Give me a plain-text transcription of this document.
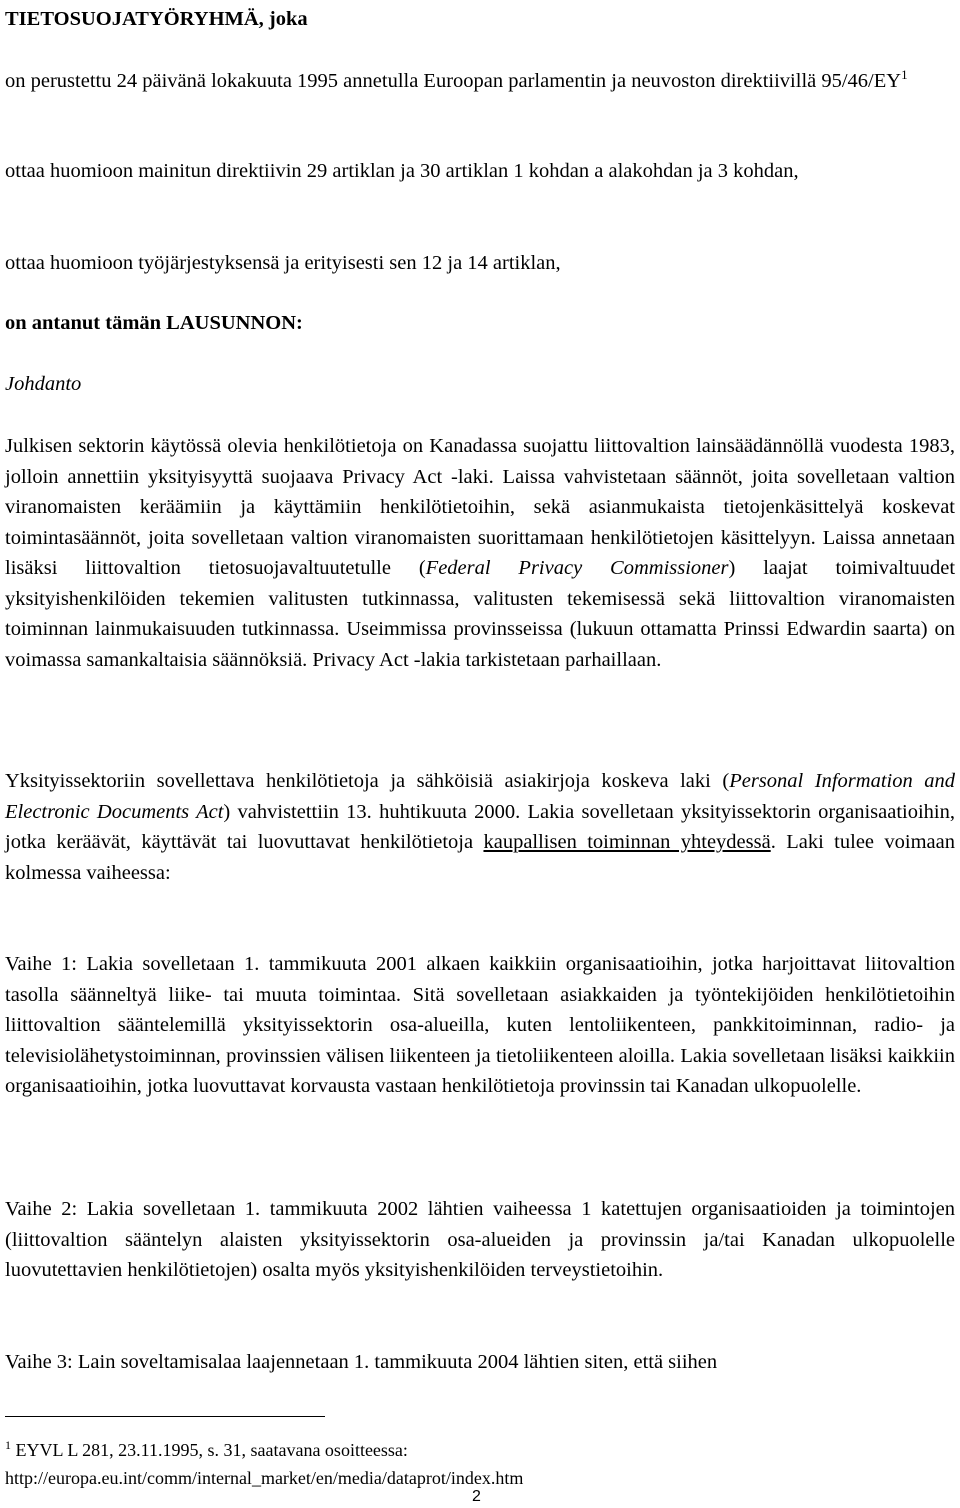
TIETOSUOJATYÖRYHMÄ, joka

on perustettu 24 päivänä lokakuuta 1995 annetulla Euroopan parlamentin ja neuvoston direktiivillä $95/46/EY^1$

ottaa huomioon mainitun direktiivin 29 artiklan ja 30 artiklan 1 kohdan a alakohdan ja 3 kohdan,

ottaa huomioon työjärjestyksensä ja erityisesti sen 12 ja 14 artiklan,

on antanut tämän LAUSUNNON:

Johdanto

Julkisen sektorin käytössä olevia henkilötietoja on Kanadassa suojattu liittovaltion lainsäädännöllä vuodesta 1983, jolloin annettiin yksityisyyttä suojaava Privacy Act -laki. Laissa vahvistetaan säännöt, joita sovelletaan valtion viranomaisten keräämiin ja käyttämiin henkilötietoihin, sekä asianmukaista tietojenkäsittelyä koskevat toimintasäännöt, joita sovelletaan valtion viranomaisten suorittamaan henkilötietojen käsittelyyn. Laissa annetaan lisäksi liittovaltion tietosuojavaltuutetulle (Federal Privacy Commissioner) laajat toimivaltuudet yksityishenkilöiden tekemien valitusten tutkinnassa, valitusten tekemisessä sekä liittovaltion viranomaisten toiminnan lainmukaisuuden tutkinnassa. Useimmissa provinsseissa (lukuun ottamatta Prinssi Edwardin saarta) on voimassa samankaltaisia säännöksiä. Privacy Act -lakia tarkistetaan parhaillaan.

Yksityissektoriin sovellettava henkilötietoja ja sähköisiä asiakirjoja koskeva laki (Personal Information and Electronic Documents Act) vahvistettiin 13. huhtikuuta 2000. Lakia sovelletaan yksityissektorin organisaatioihin, jotka keräävät, käyttävät tai luovuttavat henkilötietoja kaupallisen toiminnan yhteydessä. Laki tulee voimaan kolmessa vaiheessa:

Vaihe 1: Lakia sovelletaan 1. tammikuuta 2001 alkaen kaikkiin organisaatioihin, jotka harjoittavat liitovaltion tasolla säänneltyä liike- tai muuta toimintaa. Sitä sovelletaan asiakkaiden ja työntekijöiden henkilötietoihin liittovaltion sääntelemillä yksityissektorin osa-alueilla, kuten lentoliikenteen, pankkitoiminnan, radio- ja televisiolähetystoiminnan, provinssien välisen liikenteen ja tietoliikenteen aloilla. Lakia sovelletaan lisäksi kaikkiin organisaatioihin, jotka luovuttavat korvausta vastaan henkilötietoja provinssin tai Kanadan ulkopuolelle.

Vaihe 2: Lakia sovelletaan 1. tammikuuta 2002 lähtien vaiheessa 1 katettujen organisaatioiden ja toimintojen (liittovaltion sääntelyn alaisten yksityissektorin osa-alueiden ja provinssin ja/tai Kanadan ulkopuolelle luovutettavien henkilötietojen) osalta myös yksityishenkilöiden terveystietoihin.

Vaihe 3: Lain soveltamisalaa laajennetaan 1. tammikuuta 2004 lähtien siten, että siihen

$^1$ EYVL L 281, 23.11.1995, s. 31, saatavana osoitteessa:
http://europa.eu.int/comm/internal_market/en/media/dataprot/index.htm
2
